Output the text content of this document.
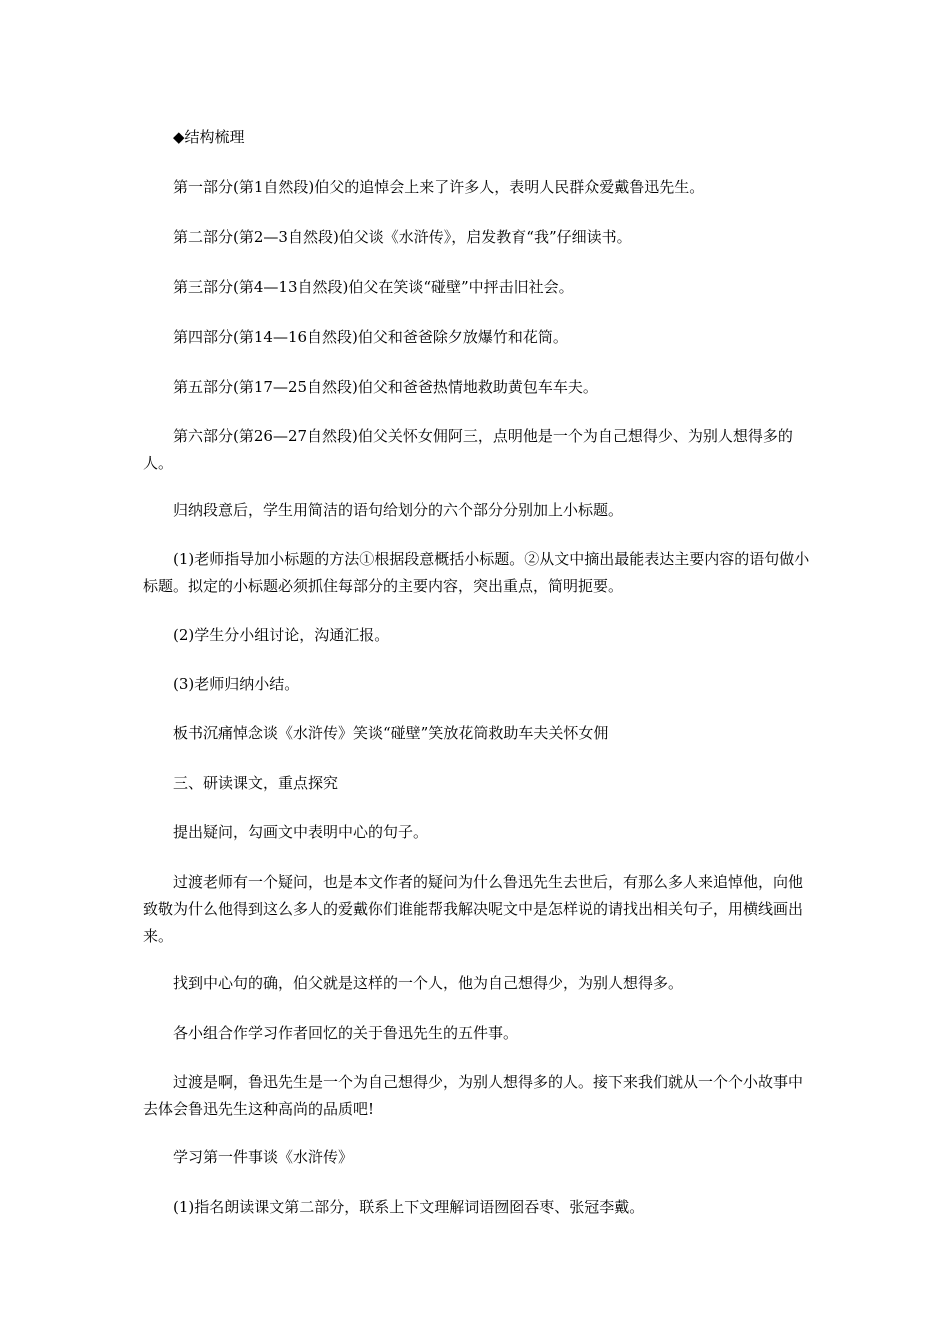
◆结构梳理

第一部分(第1自然段)伯父的追悼会上来了许多人，表明人民群众爱戴鲁迅先生。

第二部分(第2—3自然段)伯父谈《水浒传》，启发教育“我”仔细读书。

第三部分(第4—13自然段)伯父在笑谈“碰壁”中抨击旧社会。

第四部分(第14—16自然段)伯父和爸爸除夕放爆竹和花筒。

第五部分(第17—25自然段)伯父和爸爸热情地救助黄包车车夫。

第六部分(第26—27自然段)伯父关怀女佣阿三，点明他是一个为自己想得少、为别人想得多的人。

归纳段意后，学生用简洁的语句给划分的六个部分分别加上小标题。

(1)老师指导加小标题的方法①根据段意概括小标题。②从文中摘出最能表达主要内容的语句做小标题。拟定的小标题必须抓住每部分的主要内容，突出重点，简明扼要。

(2)学生分小组讨论，沟通汇报。

(3)老师归纳小结。

板书沉痛悼念谈《水浒传》笑谈“碰壁”笑放花筒救助车夫关怀女佣

三、研读课文，重点探究

提出疑问，勾画文中表明中心的句子。

过渡老师有一个疑问，也是本文作者的疑问为什么鲁迅先生去世后，有那么多人来追悼他，向他致敬为什么他得到这么多人的爱戴你们谁能帮我解决呢文中是怎样说的请找出相关句子，用横线画出来。

找到中心句的确，伯父就是这样的一个人，他为自己想得少，为别人想得多。

各小组合作学习作者回忆的关于鲁迅先生的五件事。

过渡是啊，鲁迅先生是一个为自己想得少，为别人想得多的人。接下来我们就从一个个小故事中去体会鲁迅先生这种高尚的品质吧!

学习第一件事谈《水浒传》

(1)指名朗读课文第二部分，联系上下文理解词语囫囵吞枣、张冠李戴。
